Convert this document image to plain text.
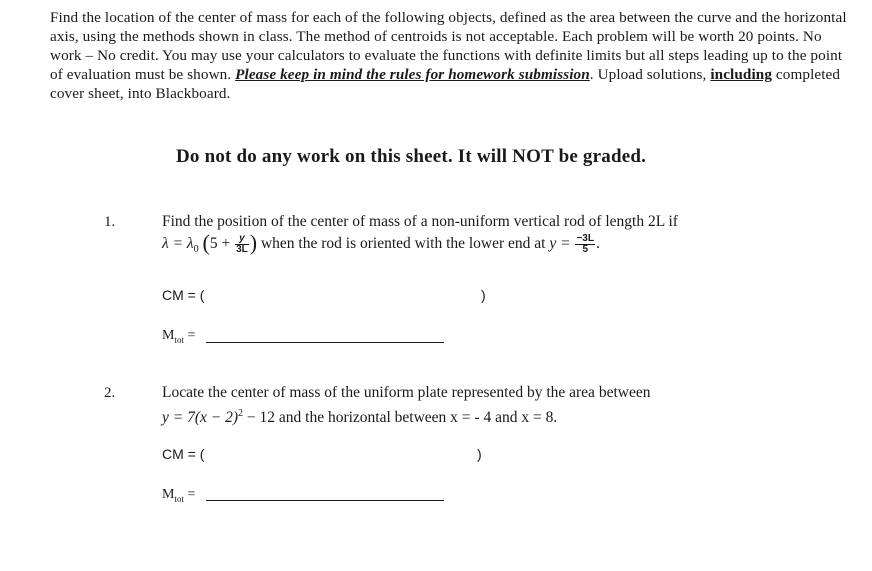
Find the location of the center of mass for each of the following objects, defined as the area between the curve and the horizontal axis, using the methods shown in class. The method of centroids is not acceptable. Each problem will be worth 20 points. No work – No credit. You may use your calculators to evaluate the functions with definite limits but all steps leading up to the point of evaluation must be shown. Please keep in mind the rules for homework submission. Upload solutions, including completed cover sheet, into Blackboard.
Do not do any work on this sheet. It will NOT be graded.
1.	Find the position of the center of mass of a non-uniform vertical rod of length 2L if
$\lambda = \lambda_0$ ($5 + \frac{y}{3L}$ ) when the rod is oriented with the lower end at $y = \frac{-3L}{5}$ .
CM = (	)
$M_{tot}$ =
2.	Locate the center of mass of the uniform plate represented by the area between
$y = 7(x - 2)^2 - 12$ and the horizontal between x = - 4 and x = 8.
CM = (	)
$M_{tot}$ =
